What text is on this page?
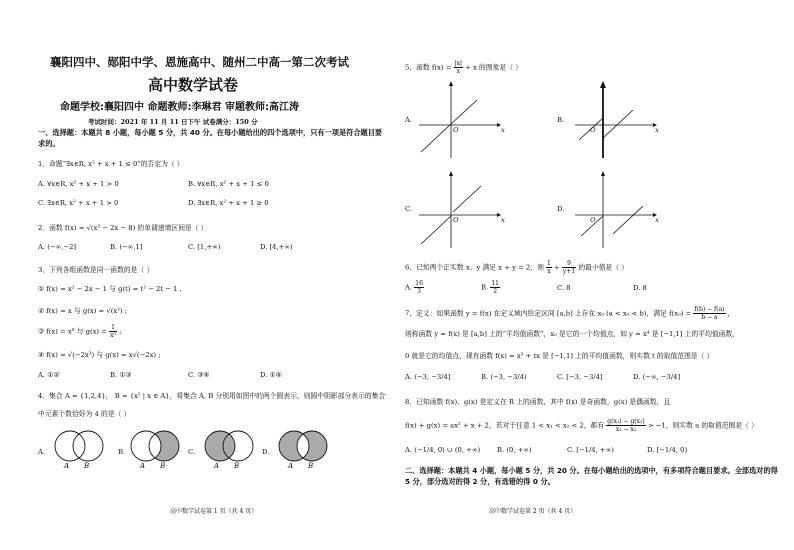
襄阳四中、郧阳中学、恩施高中、随州二中高一第二次考试
高中数学试卷
命题学校:襄阳四中 命题教师:李琳君 审题教师:高江涛
考试时间：2021 年 11 月 11 日下午 试卷满分：150 分
一、选择题：本题共 8 小题，每小题 5 分，共 40 分。在每小题给出的四个选项中，只有一项是符合题目要求的。
1．命题“∃x∈R, x² + x + 1 ≤ 0”的否定为（ ）
A. ∀x∈R, x² + x + 1 > 0	B. ∀x∈R, x² + x + 1 ≤ 0
C. ∃x∈R, x² + x + 1 > 0	D. ∃x∈R, x² + x + 1 ≥ 0
2．函数 f(x) = √(x² − 2x − 8) 的单调递增区间是（ ）
A. (−∞,−2]	B. (−∞,1]	C. [1,+∞)	D. [4,+∞)
3．下列各组函数是同一函数的是（ ）
① f(x) = x² − 2x − 1 与 g(t) = t² − 2t − 1 .
② f(x) = x 与 g(x) = √(x²) ;
③ f(x) = x⁰ 与 $g(x) = \frac{1}{\text{x⁰}}$ ;
④ f(x) = √(−2x³) 与 g(x) = x√(−2x) ;
A. ①②	B. ①③	C. ③④	D. ①④
4．集合 A = {1,2,4}， B = {x² | x ∈ A}，将集合 A, B 分别用如图中的两个圆表示，则圆中阴影部分表示的集合
中元素个数恰好为 4 的是（ ）
A.
A B
B.
A B
C.
A B
D.
A B
高中数学试卷第 1 页（共 4 页）
5．函数 $f(x) = \frac{|x|}{x} + x$ 的图象是（ ）
A.
O	x
B.
O	x
C.
O	x
D.
O	x
6．已知两个正实数 x、y 满足 x + y = 2，则 $\frac{1}{x} + \frac{9}{y+1}$ 的最小值是（ ）
A. $\frac{16}{3}$	B. $\frac{11}{2}$	C. 8	D. 8
7．定义：如果函数 y = f(x) 在定义域内给定区间 [a,b] 上存在 x₀ (a < x₀ < b)，满足 $f(x_0) = \frac{f(b) - f(a)}{b - a}$ ，
则称函数 y = f(x) 是 [a,b] 上的“平均值函数”，x₀ 是它的一个均值点，如 y = x⁴ 是 [−1,1] 上的平均值函数，
0 就是它的均值点，现有函数 f(x) = x³ + tx 是 [−1,1] 上的平均值函数，则实数 t 的取值范围是（ ）
A. (−3, −3/4]	B. (−3, −3/4)	C. [−3, −3/4]	D. (−∞, −3/4]
8．已知函数 f(x)、g(x) 是定义在 R 上的函数，其中 f(x) 是奇函数，g(x) 是偶函数，且
f(x) + g(x) = ax² + x + 2，若对于任意 1 < x₁ < x₂ < 2，都有 $\frac{\text{g(x₁) − g(x₂)}}{\text{x₁ − x₂}} > -1$，则实数 a 的取值范围是（ ）
A. (−1/4, 0) ∪ (0, +∞) B. (0, +∞)	C. [−1/4, +∞)	D. [−1/4, 0)
二、选择题：本题共 4 小题，每小题 5 分，共 20 分。在每小题给出的选项中，有多项符合题目要求。全部选对的得 5 分，部分选对的得 2 分，有选错的得 0 分。
高中数学试卷第 2 页（共 4 页）
